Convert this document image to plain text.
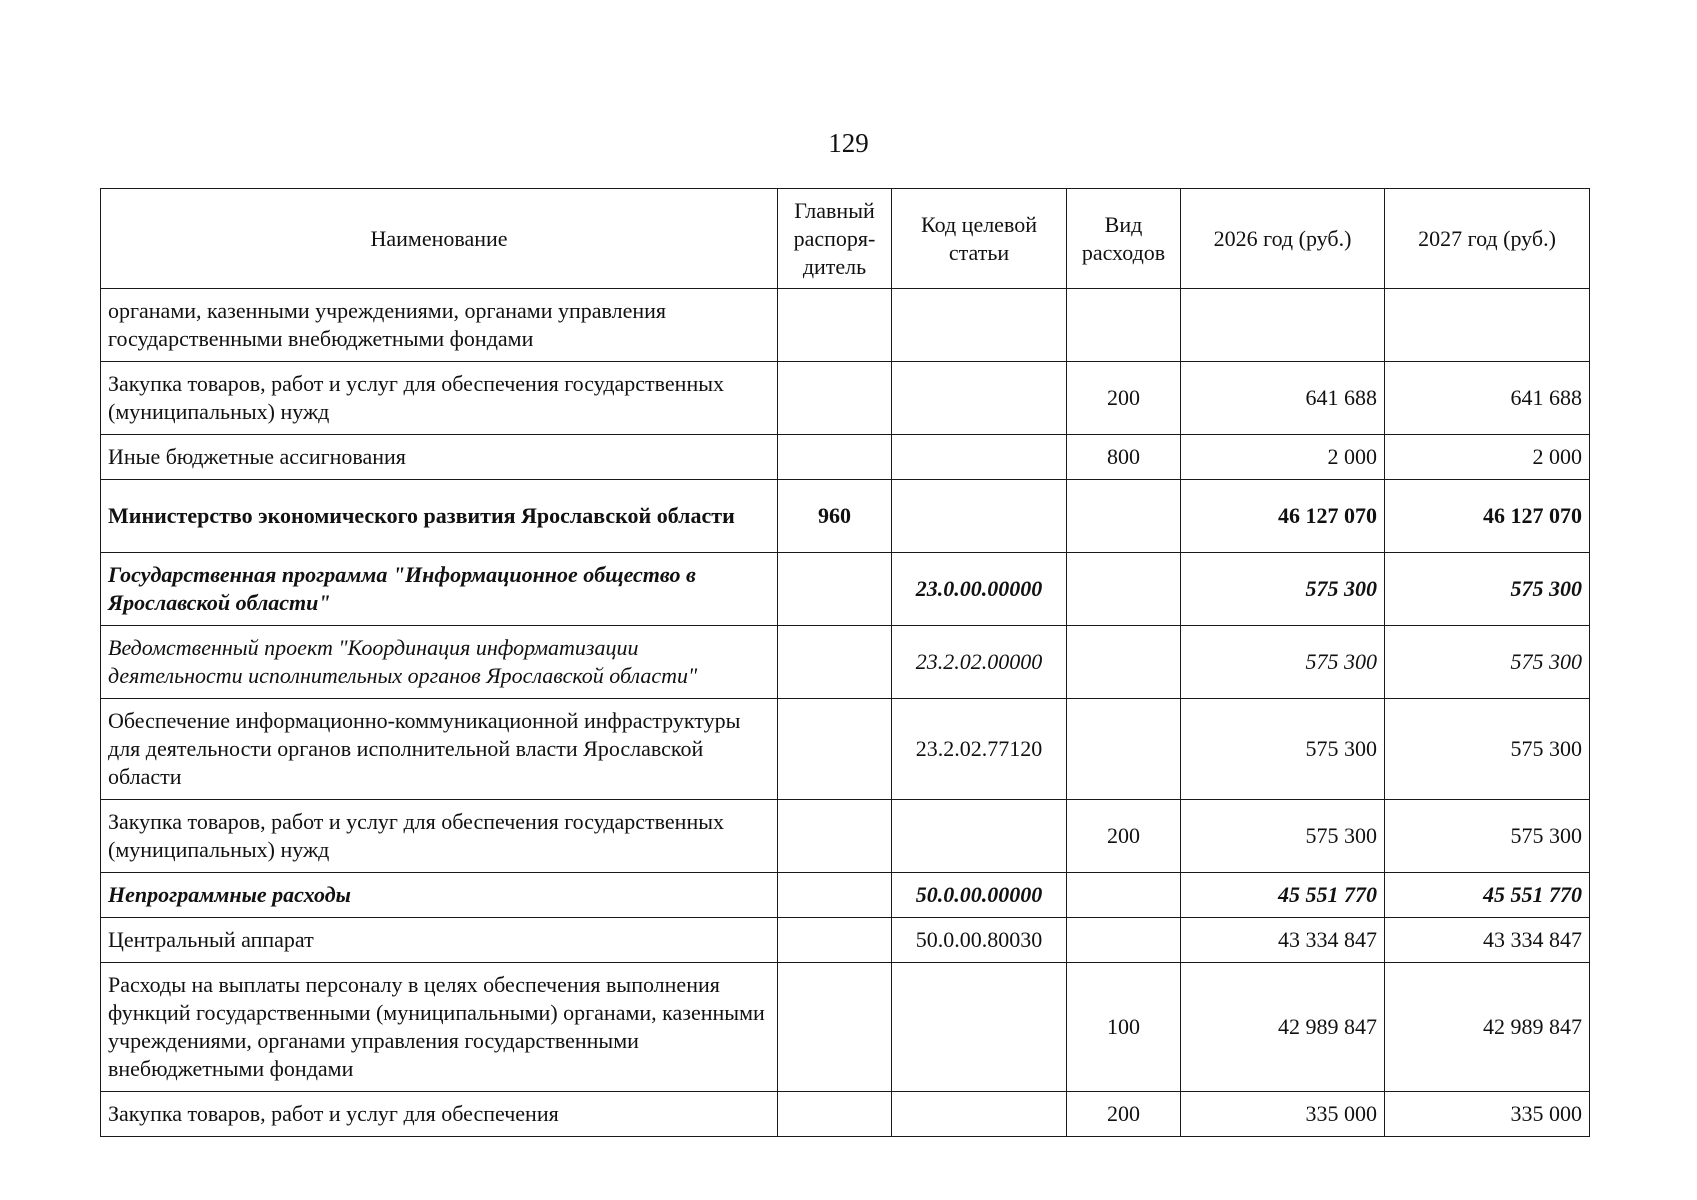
129
Наименование	Главный распоря-дитель	Код целевой статьи	Вид расходов	2026 год (руб.)	2027 год (руб.)
органами, казенными учреждениями, органами управления государственными внебюджетными фондами					
Закупка товаров, работ и услуг для обеспечения государственных (муниципальных) нужд			200	641 688	641 688
Иные бюджетные ассигнования			800	2 000	2 000
Министерство экономического развития Ярославской области	960			46 127 070	46 127 070
Государственная программа "Информационное общество в Ярославской области"		23.0.00.00000		575 300	575 300
Ведомственный проект "Координация информатизации деятельности исполнительных органов Ярославской области"		23.2.02.00000		575 300	575 300
Обеспечение информационно-коммуникационной инфраструктуры для деятельности органов исполнительной власти Ярославской области		23.2.02.77120		575 300	575 300
Закупка товаров, работ и услуг для обеспечения государственных (муниципальных) нужд			200	575 300	575 300
Непрограммные расходы		50.0.00.00000		45 551 770	45 551 770
Центральный аппарат		50.0.00.80030		43 334 847	43 334 847
Расходы на выплаты персоналу в целях обеспечения выполнения функций государственными (муниципальными) органами, казенными учреждениями, органами управления государственными внебюджетными фондами			100	42 989 847	42 989 847
Закупка товаров, работ и услуг для обеспечения			200	335 000	335 000
